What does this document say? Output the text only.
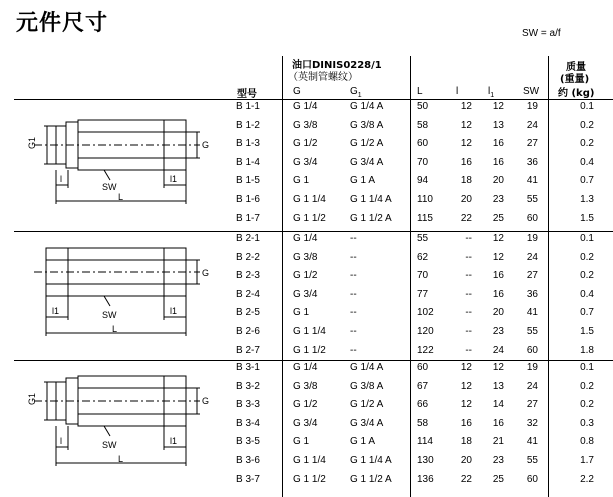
元件尺寸	SW = a/f
油口DINIS0228/1
（英制管螺纹）
质量
(重量)
约 (kg)
型号	G	$G_1$	L	l	$l_1$	SW
B 1-1	G 1/4	G 1/4 A	50	12	12	19	0.1
B 1-2	G 3/8	G 3/8 A	58	12	13	24	0.2
B 1-3	G 1/2	G 1/2 A	60	12	16	27	0.2
B 1-4	G 3/4	G 3/4 A	70	16	16	36	0.4
B 1-5	G 1	G 1 A	94	18	20	41	0.7
B 1-6	G 1 1/4	G 1 1/4 A	110	20	23	55	1.3
B 1-7	G 1 1/2	G 1 1/2 A	115	22	25	60	1.5
B 2-1	G 1/4	--	55	--	12	19	0.1
B 2-2	G 3/8	--	62	--	12	24	0.2
B 2-3	G 1/2	--	70	--	16	27	0.2
B 2-4	G 3/4	--	77	--	16	36	0.4
B 2-5	G 1	--	102	--	20	41	0.7
B 2-6	G 1 1/4	--	120	--	23	55	1.5
B 2-7	G 1 1/2	--	122	--	24	60	1.8
B 3-1	G 1/4	G 1/4 A	60	12	12	19	0.1
B 3-2	G 3/8	G 3/8 A	67	12	13	24	0.2
B 3-3	G 1/2	G 1/2 A	66	12	14	27	0.2
B 3-4	G 3/4	G 3/4 A	58	16	16	32	0.3
B 3-5	G 1	G 1 A	114	18	21	41	0.8
B 3-6	G 1 1/4	G 1 1/4 A	130	20	23	55	1.7
B 3-7	G 1 1/2	G 1 1/2 A	136	22	25	60	2.2
G1	G
l	l1
SW
L
G
l1	l1
SW
L
G1	G
l	l1
SW
L
